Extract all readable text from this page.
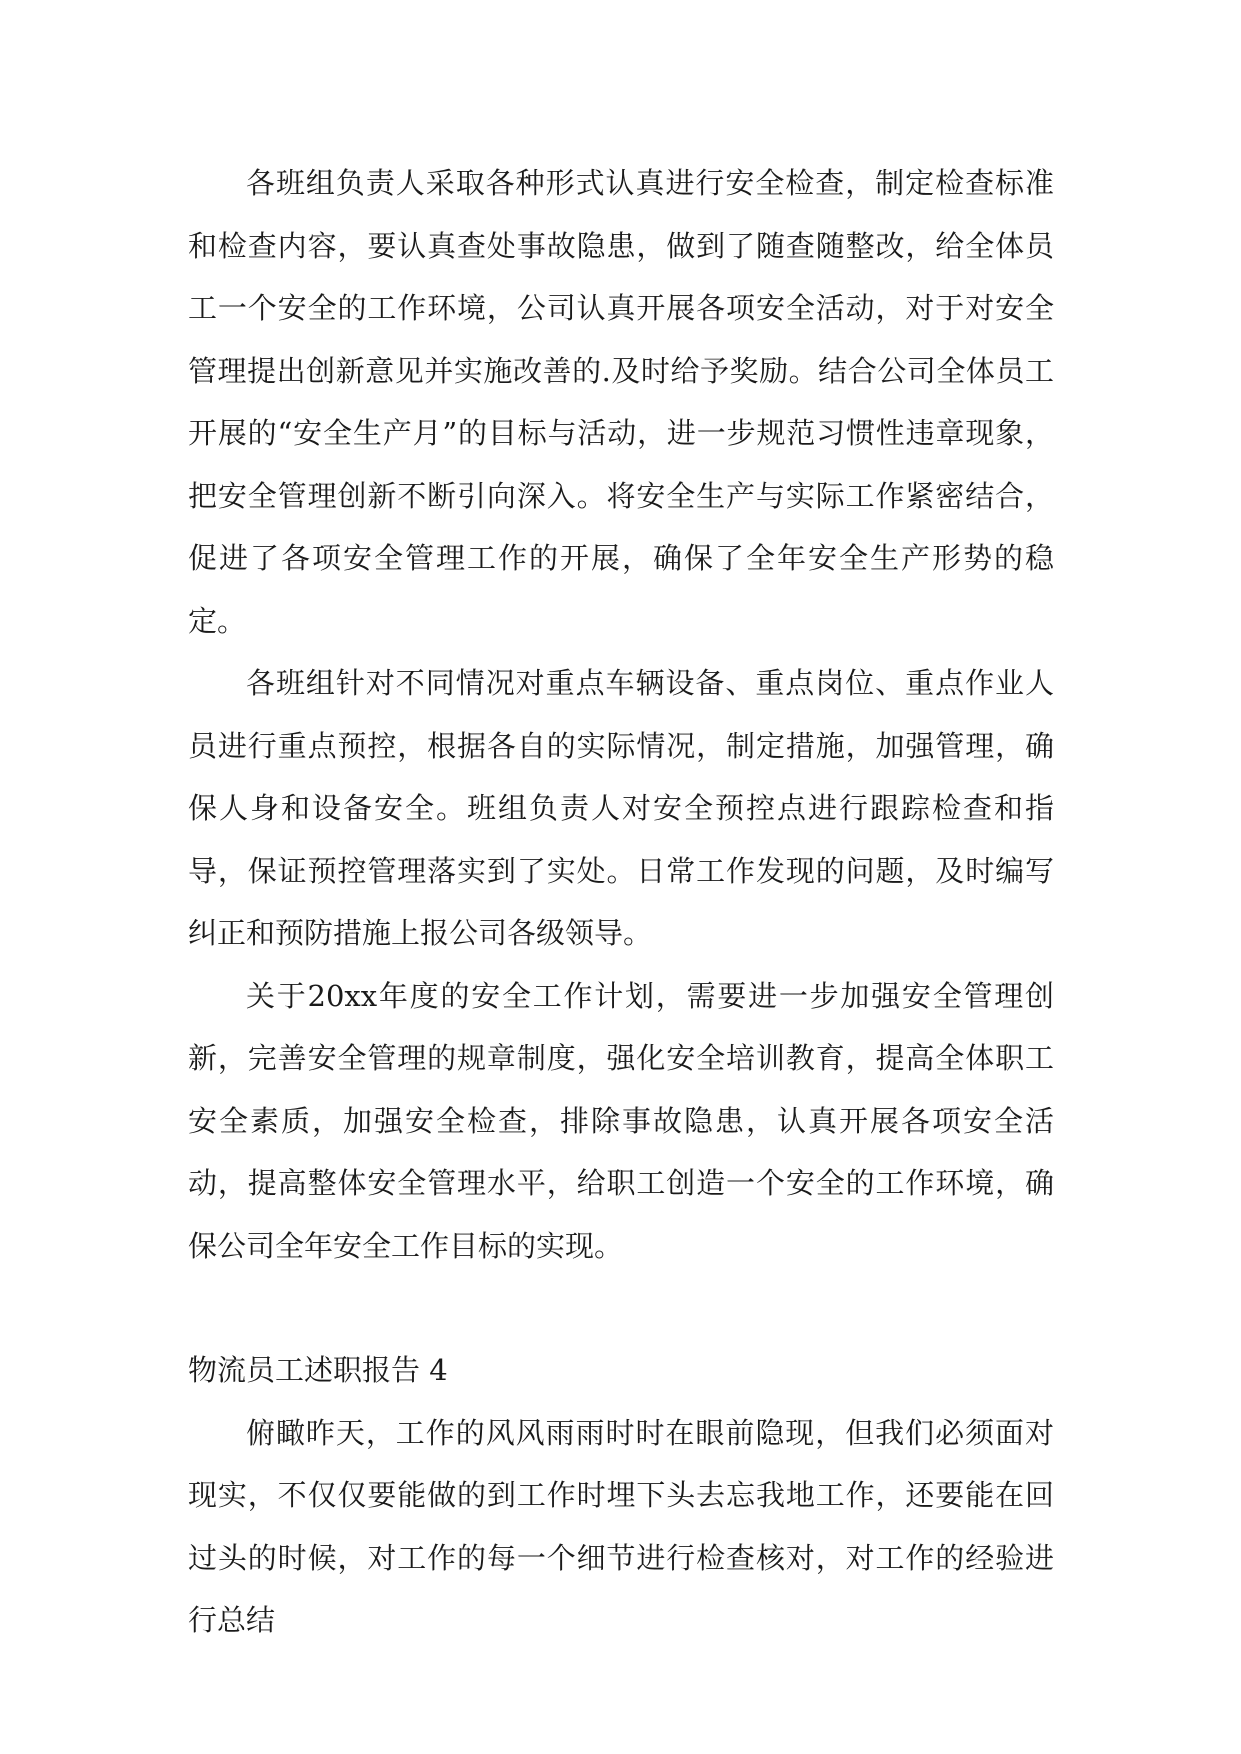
各班组负责人采取各种形式认真进行安全检查，制定检查标准和检查内容，要认真查处事故隐患，做到了随查随整改，给全体员工一个安全的工作环境，公司认真开展各项安全活动，对于对安全管理提出创新意见并实施改善的.及时给予奖励。结合公司全体员工开展的“安全生产月”的目标与活动，进一步规范习惯性违章现象，把安全管理创新不断引向深入。将安全生产与实际工作紧密结合，促进了各项安全管理工作的开展，确保了全年安全生产形势的稳定。

各班组针对不同情况对重点车辆设备、重点岗位、重点作业人员进行重点预控，根据各自的实际情况，制定措施，加强管理，确保人身和设备安全。班组负责人对安全预控点进行跟踪检查和指导，保证预控管理落实到了实处。日常工作发现的问题，及时编写纠正和预防措施上报公司各级领导。

关于20xx年度的安全工作计划，需要进一步加强安全管理创新，完善安全管理的规章制度，强化安全培训教育，提高全体职工安全素质，加强安全检查，排除事故隐患，认真开展各项安全活动，提高整体安全管理水平，给职工创造一个安全的工作环境，确保公司全年安全工作目标的实现。

物流员工述职报告 4

俯瞰昨天，工作的风风雨雨时时在眼前隐现，但我们必须面对现实，不仅仅要能做的到工作时埋下头去忘我地工作，还要能在回过头的时候，对工作的每一个细节进行检查核对，对工作的经验进行总结
